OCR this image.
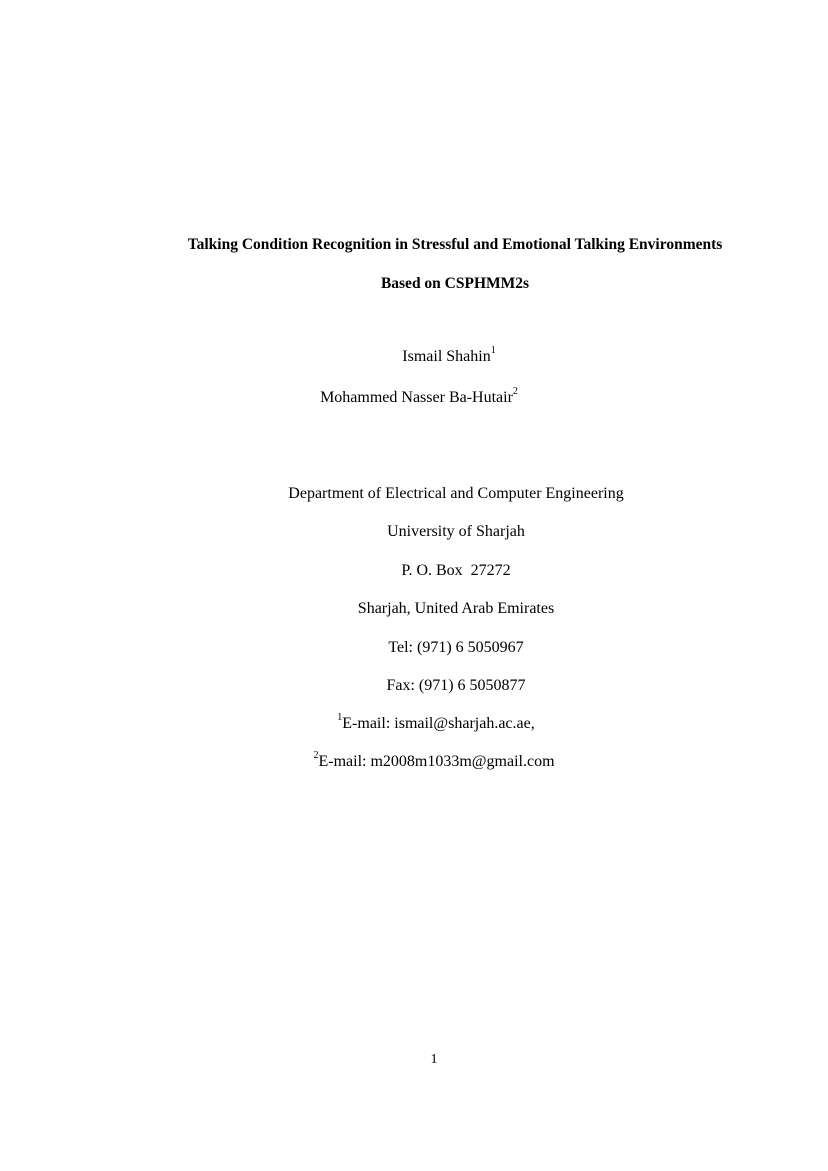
Talking Condition Recognition in Stressful and Emotional Talking Environments
Based on CSPHMM2s
Ismail Shahin$^1$
Mohammed Nasser Ba-Hutair$^2$
Department of Electrical and Computer Engineering
University of Sharjah
P. O. Box  27272
Sharjah, United Arab Emirates
Tel: (971) 6 5050967
Fax: (971) 6 5050877
$^1$E-mail: ismail@sharjah.ac.ae,
$^2$E-mail: m2008m1033m@gmail.com
1
